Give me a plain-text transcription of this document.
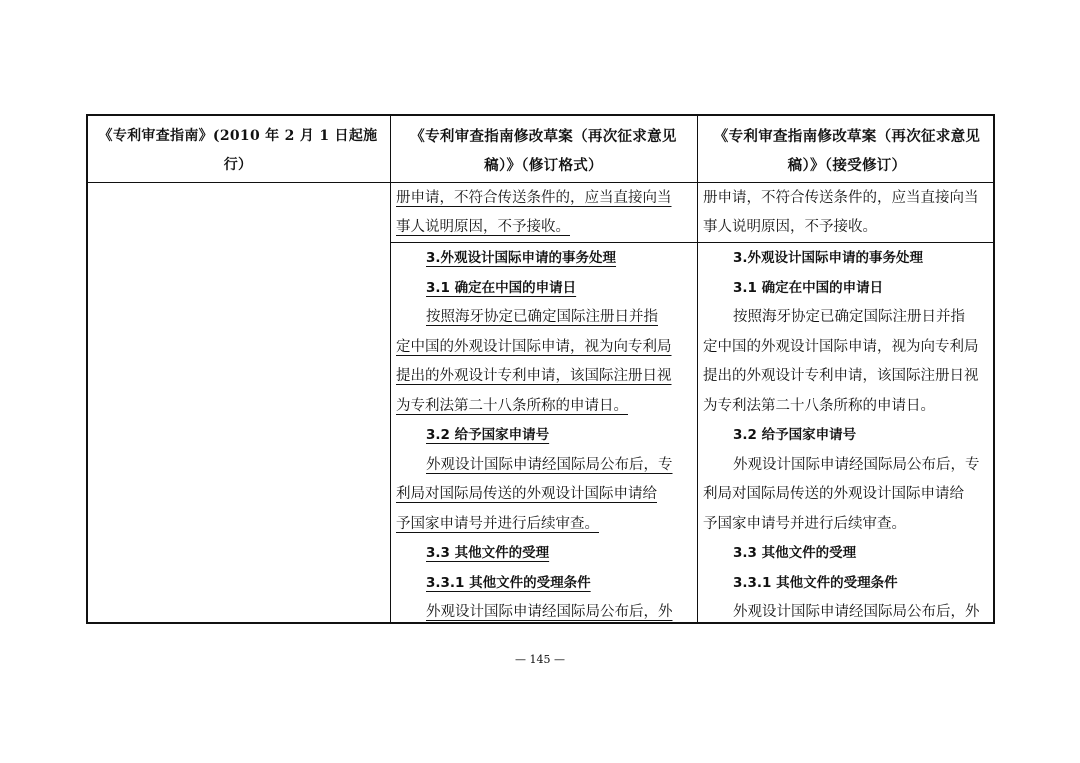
《专利审查指南》(2010 年 2 月 1 日起施行）
《专利审查指南修改草案（再次征求意见
稿）》（修订格式）
《专利审查指南修改草案（再次征求意见
稿）》（接受修订）
册申请，不符合传送条件的，应当直接向当
事人说明原因，不予接收。
册申请，不符合传送条件的，应当直接向当
事人说明原因，不予接收。
3.外观设计国际申请的事务处理
3.1 确定在中国的申请日
按照海牙协定已确定国际注册日并指
定中国的外观设计国际申请，视为向专利局
提出的外观设计专利申请，该国际注册日视
为专利法第二十八条所称的申请日。
3.2 给予国家申请号
外观设计国际申请经国际局公布后，专
利局对国际局传送的外观设计国际申请给
予国家申请号并进行后续审查。
3.3 其他文件的受理
3.3.1 其他文件的受理条件
外观设计国际申请经国际局公布后，外
3.外观设计国际申请的事务处理
3.1 确定在中国的申请日
按照海牙协定已确定国际注册日并指
定中国的外观设计国际申请，视为向专利局
提出的外观设计专利申请，该国际注册日视
为专利法第二十八条所称的申请日。
3.2 给予国家申请号
外观设计国际申请经国际局公布后，专
利局对国际局传送的外观设计国际申请给
予国家申请号并进行后续审查。
3.3 其他文件的受理
3.3.1 其他文件的受理条件
外观设计国际申请经国际局公布后，外
— 145 —
